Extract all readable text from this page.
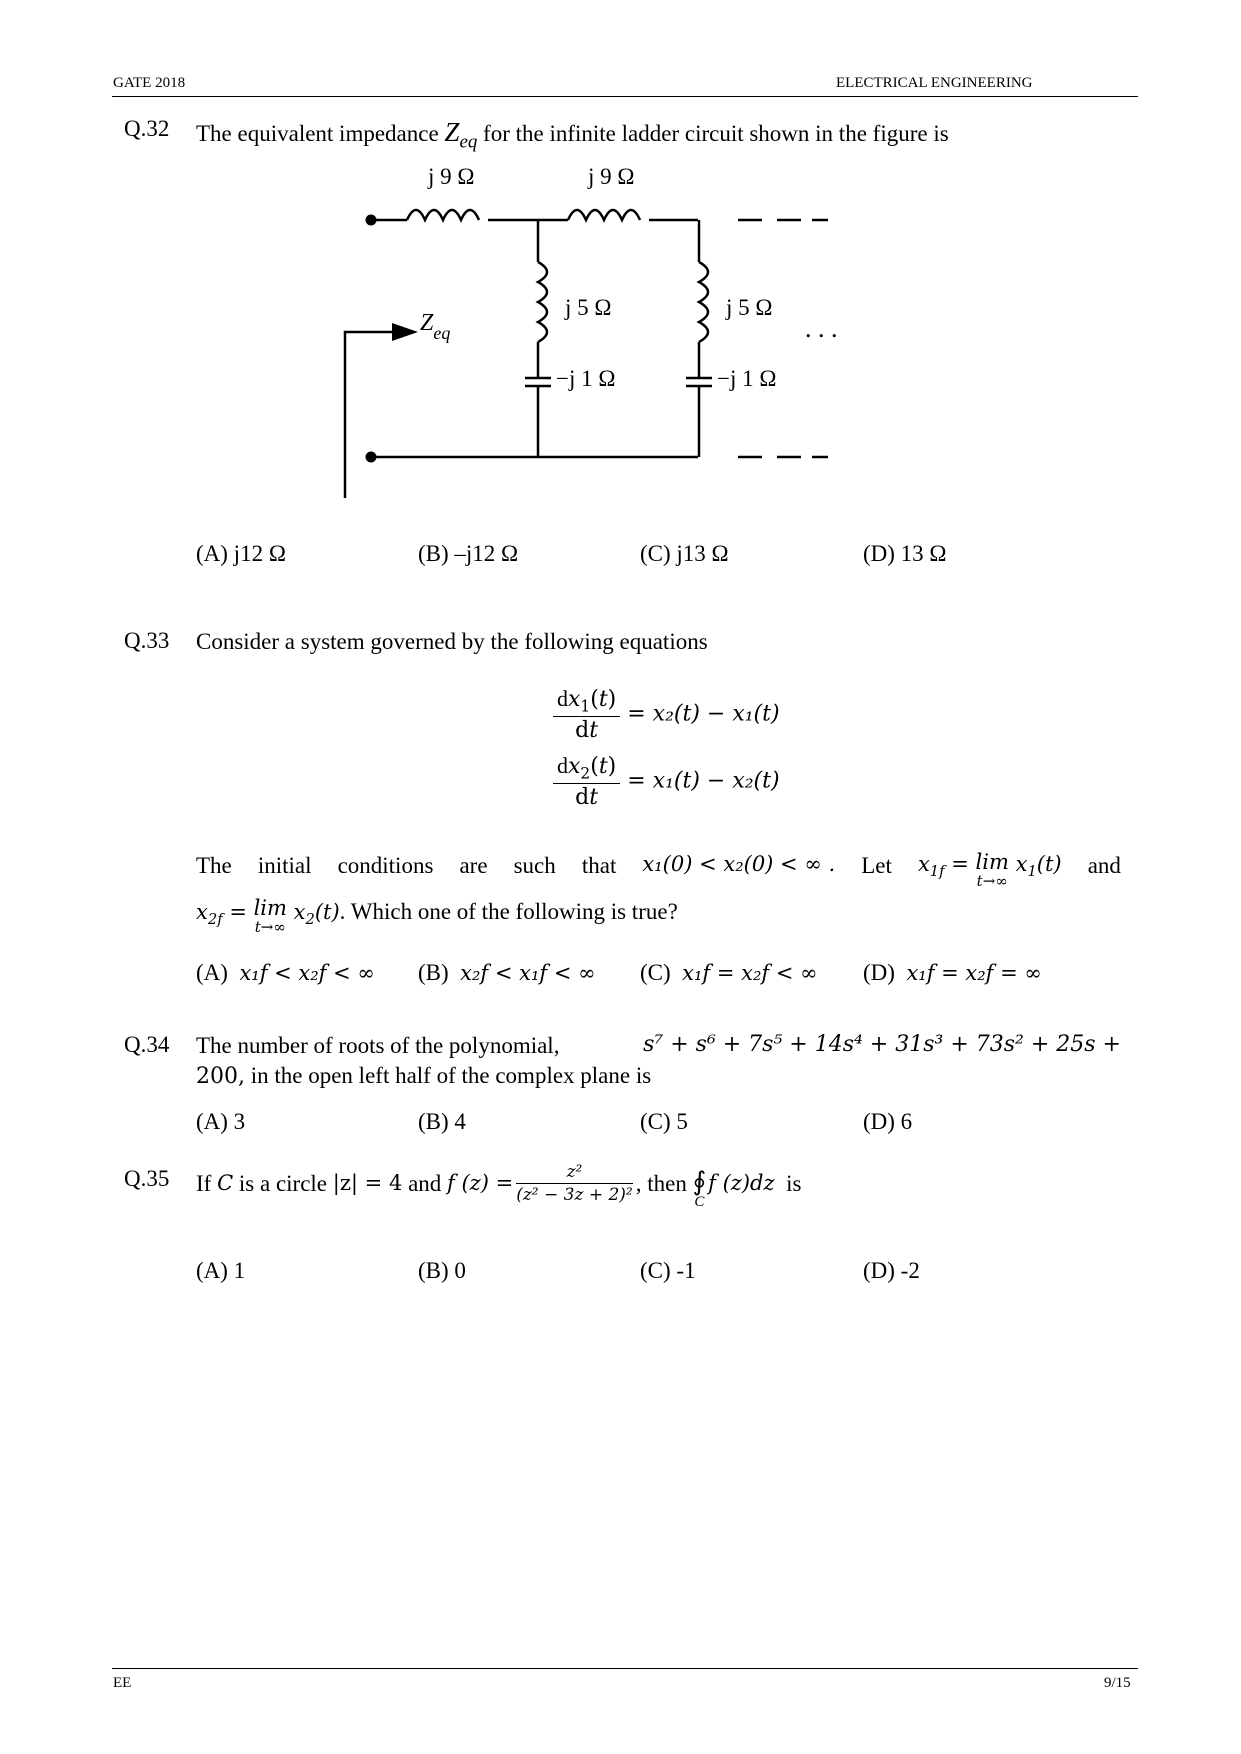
GATE 2018	ELECTRICAL ENGINEERING
Q.32 The equivalent impedance $Z_{eq}$ for the infinite ladder circuit shown in the figure is
j 9 Ω	j 9 Ω
j 5 Ω	j 5 Ω
−j 1 Ω	−j 1 Ω
$Z_{eq}$	. . .
(A) j12 Ω	(B) –j12 Ω	(C) j13 Ω	(D) 13 Ω
Q.33 Consider a system governed by the following equations
$\frac{dx_1(t)}{dt} = x_2(t) - x_1(t)$
$\frac{dx_2(t)}{dt} = x_1(t) - x_2(t)$
The initial conditions are such that x₁(0) < x₂(0) < ∞ . Let $x_{1f} = \lim$
t→∞
$x_1(t)$ and
$x_{2f} = \lim$
t→∞
$x_2(t)$. Which one of the following is true?
(A) x₁f < x₂f < ∞ (B) x₂f < x₁f < ∞ (C) x₁f = x₂f < ∞ (D) x₁f = x₂f = ∞
Q.34 The number of roots of the polynomial,	s⁷ + s⁶ + 7s⁵ + 14s⁴ + 31s³ + 73s² + 25s +
200, in the open left half of the complex plane is
(A) 3	(B) 4	(C) 5	(D) 6
Q.35 If
C
is a circle
|z| = 4
and
f $(z) = \frac{\text{z²}}{\text{(z² − 3z + 2)²}}$ , then
∮
C
f (z)dz
is
(A) 1	(B) 0	(C) -1	(D) -2
EE	9/15
